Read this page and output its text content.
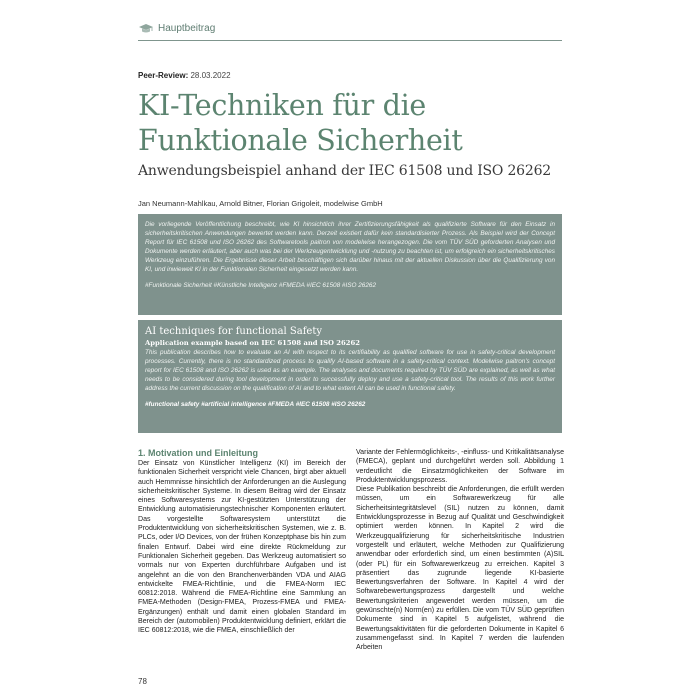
Hauptbeitrag
Peer-Review: 28.03.2022
KI-Techniken für die Funktionale Sicherheit
Anwendungsbeispiel anhand der IEC 61508 und ISO 26262
Jan Neumann-Mahlkau, Arnold Bitner, Florian Grigoleit, modelwise GmbH

Die vorliegende Veröffentlichung beschreibt, wie KI hinsichtlich ihrer Zertifizierungsfähigkeit als qualifizierte Software für den Einsatz in sicherheitskritischen Anwendungen bewertet werden kann. Derzeit existiert dafür kein standardisierter Prozess. Als Beispiel wird der Concept Report für IEC 61508 und ISO 26262 des Softwaretools paitron von modelwise herangezogen. Die vom TÜV SÜD geforderten Analysen und Dokumente werden erläutert, aber auch was bei der Werkzeugentwicklung und -nutzung zu beachten ist, um erfolgreich ein sicherheitskritisches Werkzeug einzuführen. Die Ergebnisse dieser Arbeit beschäftigen sich darüber hinaus mit der aktuellen Diskussion über die Qualifizierung von KI, und inwieweit KI in der Funktionalen Sicherheit eingesetzt werden kann.

#Funktionale Sicherheit #Künstliche Intelligenz #FMEDA #IEC 61508 #ISO 26262
AI techniques for functional Safety
Application example based on IEC 61508 and ISO 26262

This publication describes how to evaluate an AI with respect to its certifiability as qualified software for use in safety-critical development processes. Currently, there is no standardized process to qualify AI-based software in a safety-critical context. Modelwise paitron's concept report for IEC 61508 and ISO 26262 is used as an example. The analyses and documents required by TÜV SÜD are explained, as well as what needs to be considered during tool development in order to successfully deploy and use a safety-critical tool. The results of this work further address the current discussion on the qualification of AI and to what extent AI can be used in functional safety.

#functional safety #artificial intelligence #FMEDA #IEC 61508 #ISO 26262
1. Motivation und Einleitung

Der Einsatz von Künstlicher Intelligenz (KI) im Bereich der funktionalen Sicherheit verspricht viele Chancen, birgt aber aktuell auch Hemmnisse hinsichtlich der Anforderungen an die Auslegung sicherheitskritischer Systeme. In diesem Beitrag wird der Einsatz eines Softwaresystems zur KI-gestützten Unterstützung der Entwicklung automatisierungstechnischer Komponenten erläutert. Das vorgestellte Softwaresystem unterstützt die Produktentwicklung von sicherheitskritischen Systemen, wie z. B. PLCs, oder I/O Devices, von der frühen Konzeptphase bis hin zum finalen Entwurf. Dabei wird eine direkte Rückmeldung zur Funktionalen Sicherheit gegeben. Das Werkzeug automatisiert so vormals nur von Experten durchführbare Aufgaben und ist angelehnt an die von den Branchenverbänden VDA und AIAG entwickelte FMEA-Richtlinie, und die FMEA-Norm IEC 60812:2018. Während die FMEA-Richtline eine Sammlung an FMEA-Methoden (Design-FMEA, Prozess-FMEA und FMEA-Ergänzungen) enthält und damit einen globalen Standard im Bereich der (automobilen) Produktentwicklung definiert, erklärt die IEC 60812:2018, wie die FMEA, einschließlich der

Variante der Fehlermöglichkeits-, -einfluss- und Kritikalitätsanalyse (FMECA), geplant und durchgeführt werden soll. Abbildung 1 verdeutlicht die Einsatzmöglichkeiten der Software im Produktentwicklungsprozess.

Diese Publikation beschreibt die Anforderungen, die erfüllt werden müssen, um ein Softwarewerkzeug für alle Sicherheitsintegritätslevel (SIL) nutzen zu können, damit Entwicklungsprozesse in Bezug auf Qualität und Geschwindigkeit optimiert werden können. In Kapitel 2 wird die Werkzeugqualifizierung für sicherheitskritische Industrien vorgestellt und erläutert, welche Methoden zur Qualifizierung anwendbar oder erforderlich sind, um einen bestimmten (A)SIL (oder PL) für ein Softwarewerkzeug zu erreichen. Kapitel 3 präsentiert das zugrunde liegende KI-basierte Bewertungsverfahren der Software. In Kapitel 4 wird der Softwarebewertungsprozess dargestellt und welche Bewertungskriterien angewendet werden müssen, um die gewünschte(n) Norm(en) zu erfüllen. Die vom TÜV SÜD geprüften Dokumente sind in Kapitel 5 aufgelistet, während die Bewertungsaktivitäten für die geforderten Dokumente in Kapitel 6 zusammengefasst sind. In Kapitel 7 werden die laufenden Arbeiten

78
